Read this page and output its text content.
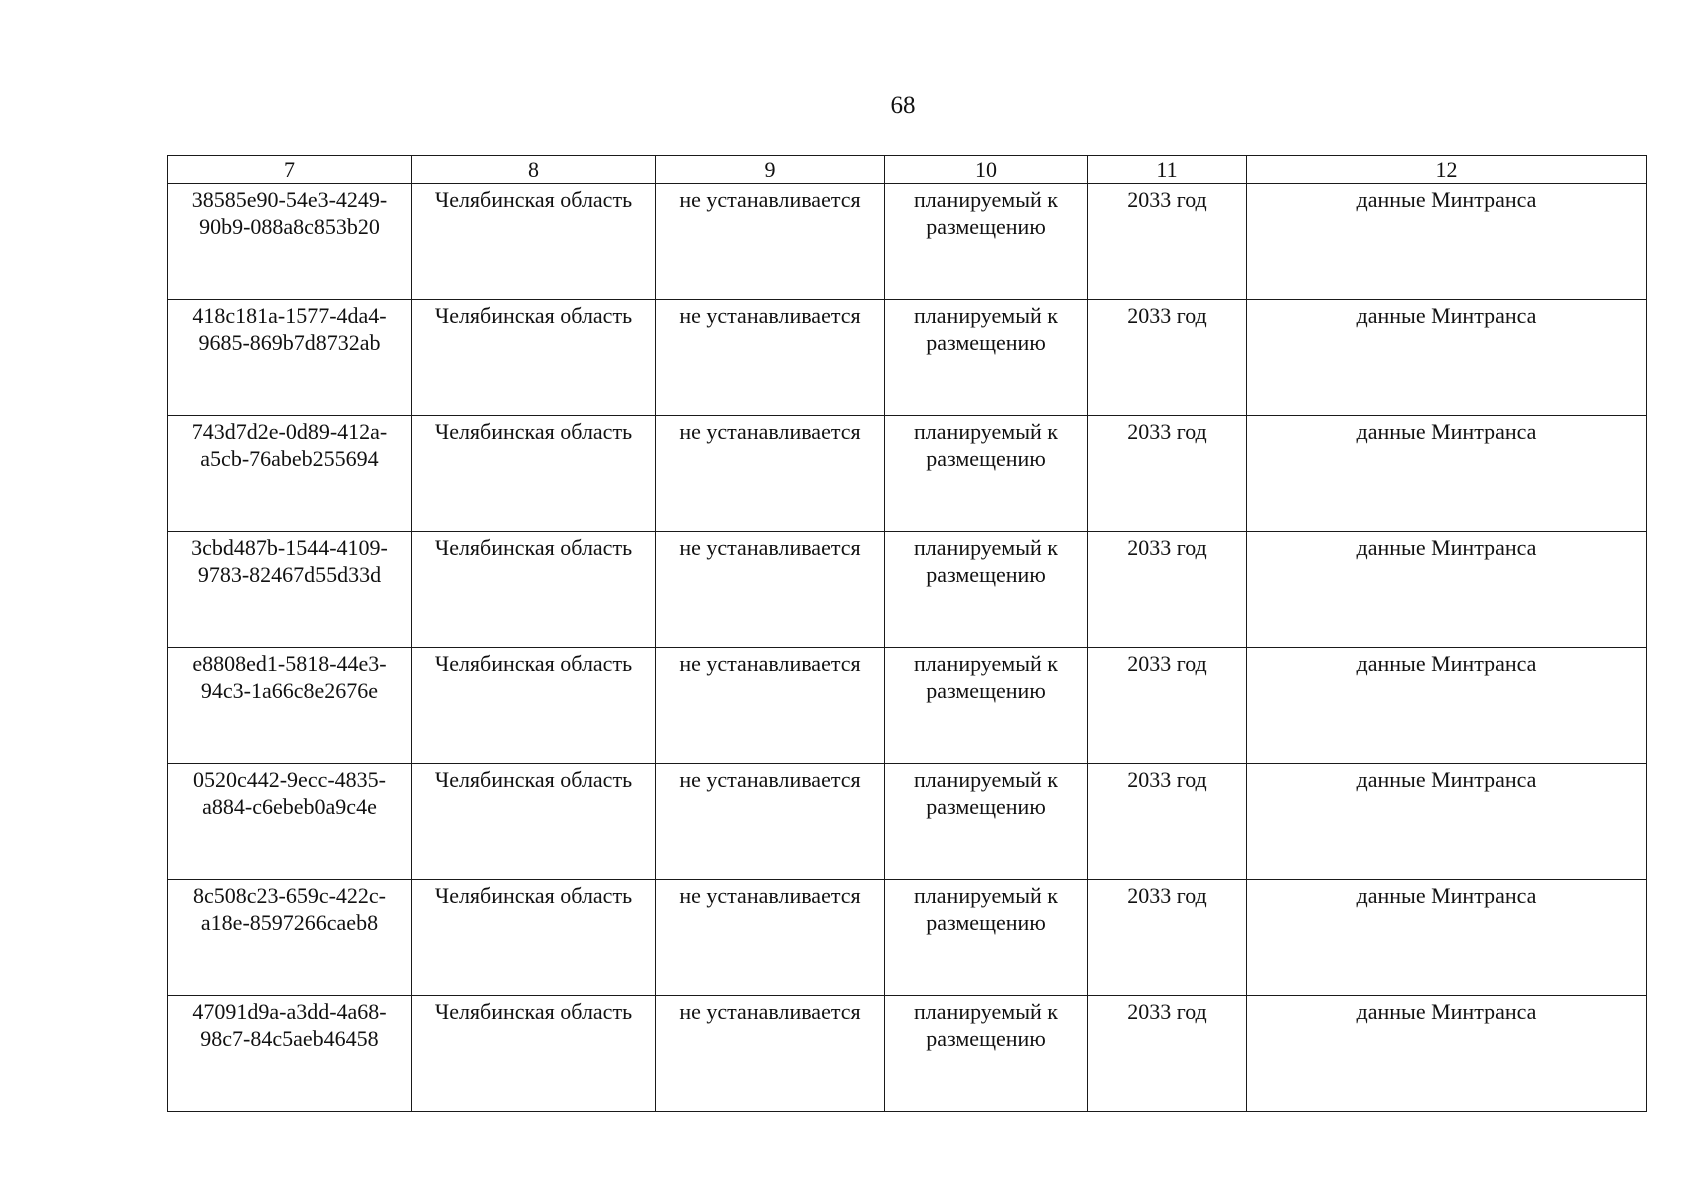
68
7	8	9	10	11	12

38585e90-54e3-4249-
90b9-088a8c853b20	Челябинская область	не устанавливается	планируемый к
размещению	2033 год	данные Минтранса

418c181a-1577-4da4-
9685-869b7d8732ab	Челябинская область	не устанавливается	планируемый к
размещению	2033 год	данные Минтранса

743d7d2e-0d89-412a-
a5cb-76abeb255694	Челябинская область	не устанавливается	планируемый к
размещению	2033 год	данные Минтранса

3cbd487b-1544-4109-
9783-82467d55d33d	Челябинская область	не устанавливается	планируемый к
размещению	2033 год	данные Минтранса

e8808ed1-5818-44e3-
94c3-1a66c8e2676e	Челябинская область	не устанавливается	планируемый к
размещению	2033 год	данные Минтранса

0520c442-9ecc-4835-
a884-c6ebeb0a9c4e	Челябинская область	не устанавливается	планируемый к
размещению	2033 год	данные Минтранса

8c508c23-659c-422c-
a18e-8597266caeb8	Челябинская область	не устанавливается	планируемый к
размещению	2033 год	данные Минтранса

47091d9a-a3dd-4a68-
98c7-84c5aeb46458	Челябинская область	не устанавливается	планируемый к
размещению	2033 год	данные Минтранса
